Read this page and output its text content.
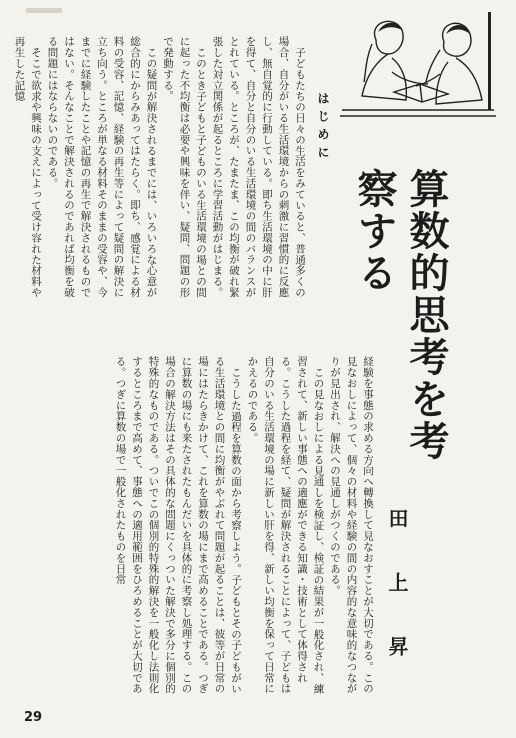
はじめに

子どもたちの日々の生活をみていると、普通多くの場合、自分がいる生活環境からの刺激に習慣的に反應し、無自覚的に行動している。即ち生活環境の中に肝を得て、自分と自分のいる生活環境の間のバランスがとれている。ところが、たまたま、この均衡が破れ緊張した対立関係が起るところに学習活動がはじまる。

このとき子どもと子どものいる生活環境の場との間に起った不均衡は必要や興味を伴い、疑問、問題の形で発動する。

この疑問が解決されるまでには、いろいろな心意が総合的にからみあってはたらく。即ち、感覚による材料の受容、記憶、経験の再生等によって疑問の解決に立ち向う。ところが単なる材料そのままの受容や、今までに経験したことや記憶の再生で解決されるものではない。そんなことで解決されるのであれば均衡を破る問題にはならないのである。

そこで欲求や興味の支えによって受け容れた材料や再生した記憶

算数的思考を考察する
田上昇

経験を事態の求める方向へ轉換して見なおすことが大切である。この見なおしによって、個々の材料や経験の間の内容的な意味的なつながりが見出され、解決への見通しがつくのである。

この見なおしによる見通しを検証し、検証の結果が一般化され、練習されて、新しい事態への適應ができる知識・技術として体得される。こうした過程を経て、疑問が解決されることによって、子どもは自分のいる生活環境の場に新しい肝を得、新しい均衡を保って日常にかえるのである。

こうした過程を算数の面から考察しよう。子どもとその子どもがいる生活環境との間に均衡がやぶれて問題が起ることは、彼等が日常の場にはたらきかけて、これを算数の場にまで高めることである。つぎに算数の場にも来たされたもんだいを具体的に考察し処理する。この場合の解決方法はその具体的な問題にくっついた解決で多分に個別的特殊的なものである。ついでこの個別的特殊的解決を一般化し法則化するところまで高めて、事態への適用範囲をひろめることが大切である。つぎに算数の場で一般化されたものを日常

29
